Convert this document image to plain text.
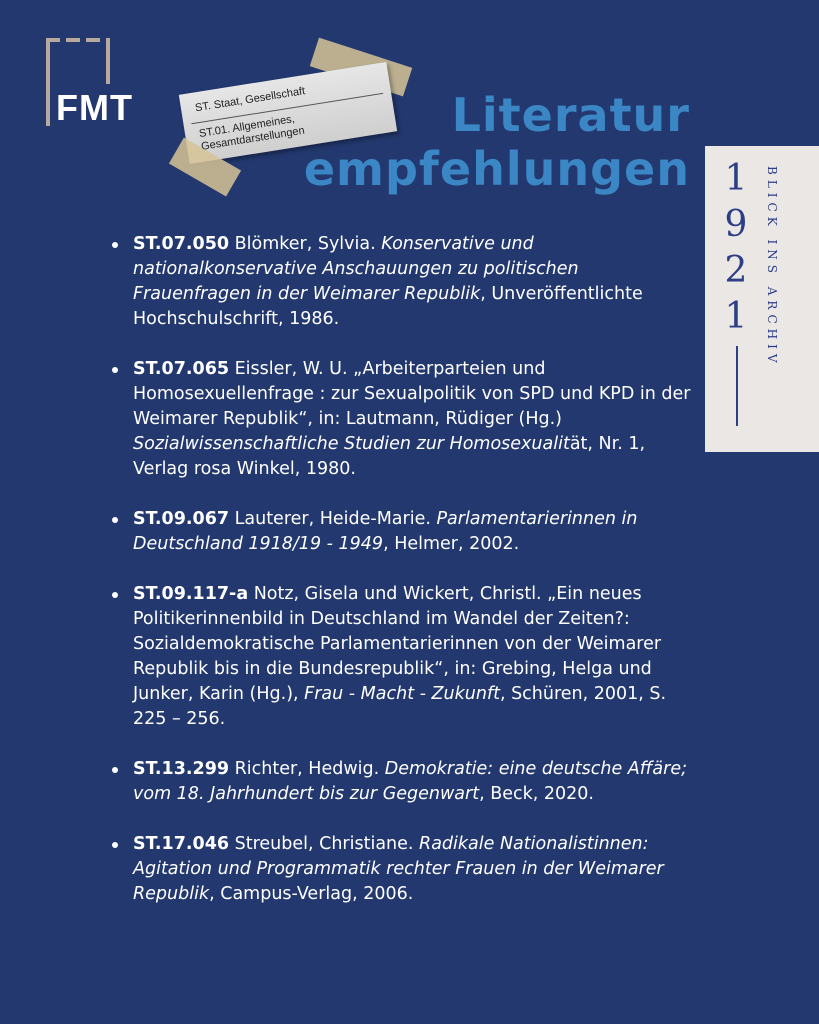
FMT	ST. Staat, Gesellschaft
ST.01. Allgemeines, Gesamtdarstellungen	Literatur
empfehlungen 1
9
2
1 BLICK INS ARCHIV
ST.07.050 Blömker, Sylvia. Konservative und nationalkonservative Anschauungen zu politischen Frauenfragen in der Weimarer Republik, Unveröffentlichte Hochschulschrift, 1986.
ST.07.065 Eissler, W. U. „Arbeiterparteien und Homosexuellenfrage : zur Sexualpolitik von SPD und KPD in der Weimarer Republik“, in: Lautmann, Rüdiger (Hg.) Sozialwissenschaftliche Studien zur Homosexualität, Nr. 1, Verlag rosa Winkel, 1980.
ST.09.067 Lauterer, Heide-Marie. Parlamentarierinnen in Deutschland 1918/19 - 1949, Helmer, 2002.
ST.09.117-a Notz, Gisela und Wickert, Christl. „Ein neues Politikerinnenbild in Deutschland im Wandel der Zeiten?: Sozialdemokratische Parlamentarierinnen von der Weimarer Republik bis in die Bundesrepublik“, in: Grebing, Helga und Junker, Karin (Hg.), Frau - Macht - Zukunft, Schüren, 2001, S. 225 – 256.
ST.13.299 Richter, Hedwig. Demokratie: eine deutsche Affäre; vom 18. Jahrhundert bis zur Gegenwart, Beck, 2020.
ST.17.046 Streubel, Christiane. Radikale Nationalistinnen: Agitation und Programmatik rechter Frauen in der Weimarer Republik, Campus-Verlag, 2006.
